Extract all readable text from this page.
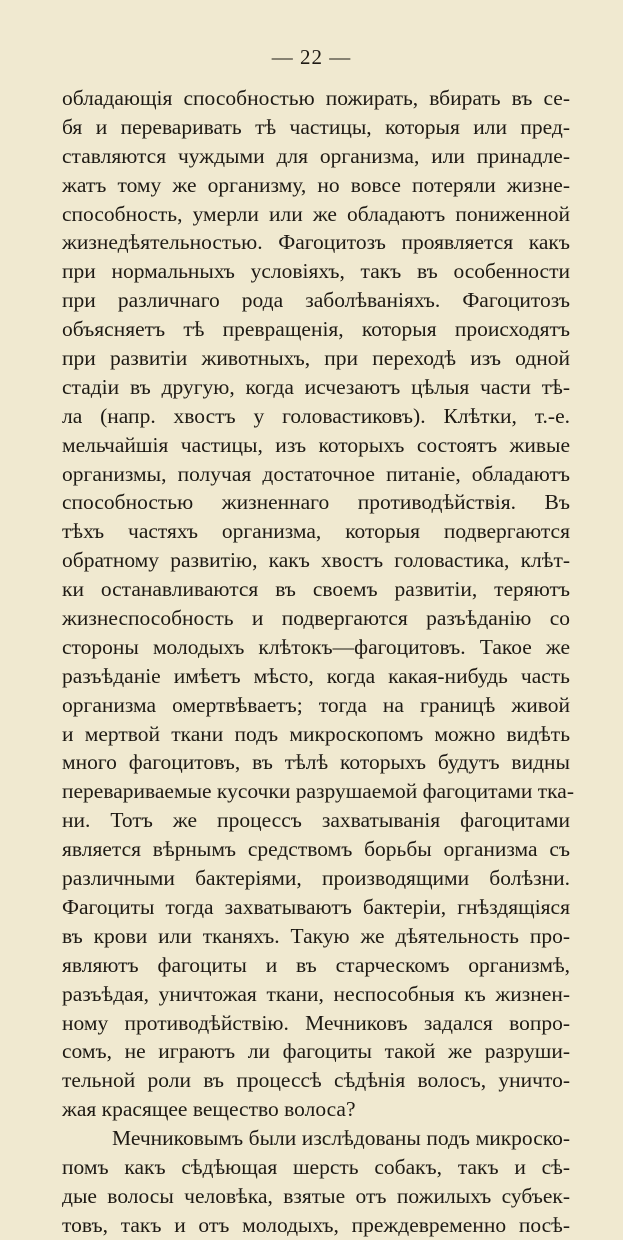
— 22 —
обладающія способностью пожирать, вбирать въ се-
бя и переваривать тѣ частицы, которыя или пред-
ставляются чуждыми для организма, или принадле-
жатъ тому же организму, но вовсе потеряли жизне-
способность, умерли или же обладаютъ пониженной
жизнедѣятельностью. Фагоцитозъ проявляется какъ
при нормальныхъ условіяхъ, такъ въ особенности
при различнаго рода заболѣваніяхъ. Фагоцитозъ
объясняетъ тѣ превращенія, которыя происходятъ
при развитіи животныхъ, при переходѣ изъ одной
стадіи въ другую, когда исчезаютъ цѣлыя части тѣ-
ла (напр. хвостъ у головастиковъ). Клѣтки, т.-е.
мельчайшія частицы, изъ которыхъ состоятъ живые
организмы, получая достаточное питаніе, обладаютъ
способностью жизненнаго противодѣйствія. Въ
тѣхъ частяхъ организма, которыя подвергаются
обратному развитію, какъ хвостъ головастика, клѣт-
ки останавливаются въ своемъ развитіи, теряютъ
жизнеспособность и подвергаются разъѣданію со
стороны молодыхъ клѣтокъ—фагоцитовъ. Такое же
разъѣданіе имѣетъ мѣсто, когда какая-нибудь часть
организма омертвѣваетъ; тогда на границѣ живой
и мертвой ткани подъ микроскопомъ можно видѣть
много фагоцитовъ, въ тѣлѣ которыхъ будутъ видны
перевариваемые кусочки разрушаемой фагоцитами тка-
ни. Тотъ же процессъ захватыванія фагоцитами
является вѣрнымъ средствомъ борьбы организма съ
различными бактеріями, производящими болѣзни.
Фагоциты тогда захватываютъ бактеріи, гнѣздящіяся
въ крови или тканяхъ. Такую же дѣятельность про-
являютъ фагоциты и въ старческомъ организмѣ,
разъѣдая, уничтожая ткани, неспособныя къ жизнен-
ному противодѣйствію. Мечниковъ задался вопро-
сомъ, не играютъ ли фагоциты такой же разруши-
тельной роли въ процессѣ сѣдѣнія волосъ, уничто-
жая красящее вещество волоса?
Мечниковымъ были изслѣдованы подъ микроско-
помъ какъ сѣдѣющая шерсть собакъ, такъ и сѣ-
дые волосы человѣка, взятые отъ пожилыхъ субъек-
товъ, такъ и отъ молодыхъ, преждевременно посѣ-
